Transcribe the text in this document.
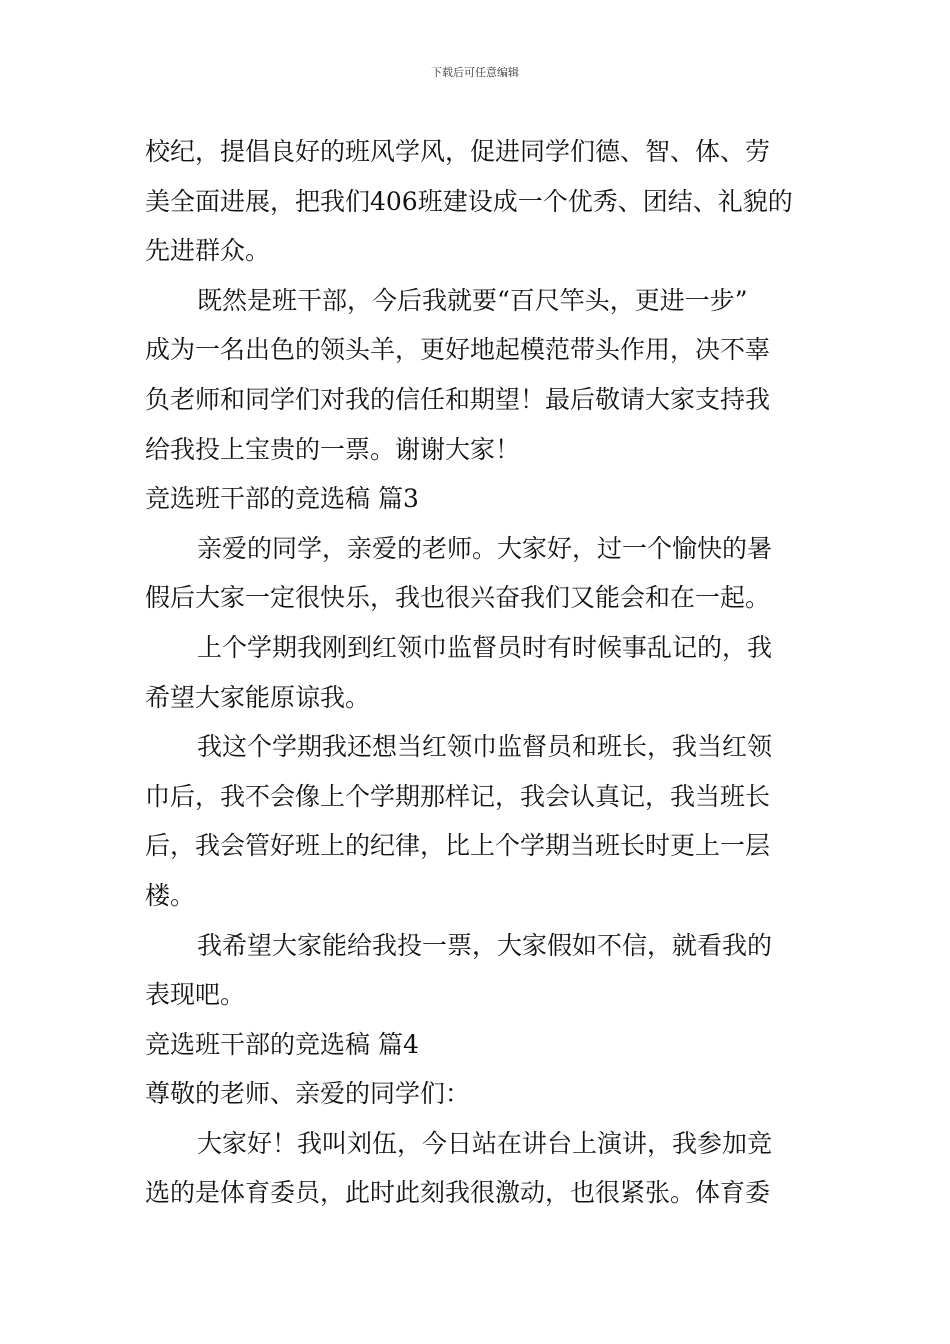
下载后可任意编辑
校纪，提倡良好的班风学风，促进同学们德、智、体、劳
美全面进展，把我们406班建设成一个优秀、团结、礼貌的
先进群众。
既然是班干部，今后我就要“百尺竿头，更进一步”
成为一名出色的领头羊，更好地起模范带头作用，决不辜
负老师和同学们对我的信任和期望！最后敬请大家支持我
给我投上宝贵的一票。谢谢大家！
竞选班干部的竞选稿 篇3
亲爱的同学，亲爱的老师。大家好，过一个愉快的暑
假后大家一定很快乐，我也很兴奋我们又能会和在一起。
上个学期我刚到红领巾监督员时有时候事乱记的，我
希望大家能原谅我。
我这个学期我还想当红领巾监督员和班长，我当红领
巾后，我不会像上个学期那样记，我会认真记，我当班长
后，我会管好班上的纪律，比上个学期当班长时更上一层
楼。
我希望大家能给我投一票，大家假如不信，就看我的
表现吧。
竞选班干部的竞选稿 篇4
尊敬的老师、亲爱的同学们：
大家好！我叫刘伍，今日站在讲台上演讲，我参加竞
选的是体育委员，此时此刻我很激动，也很紧张。体育委
